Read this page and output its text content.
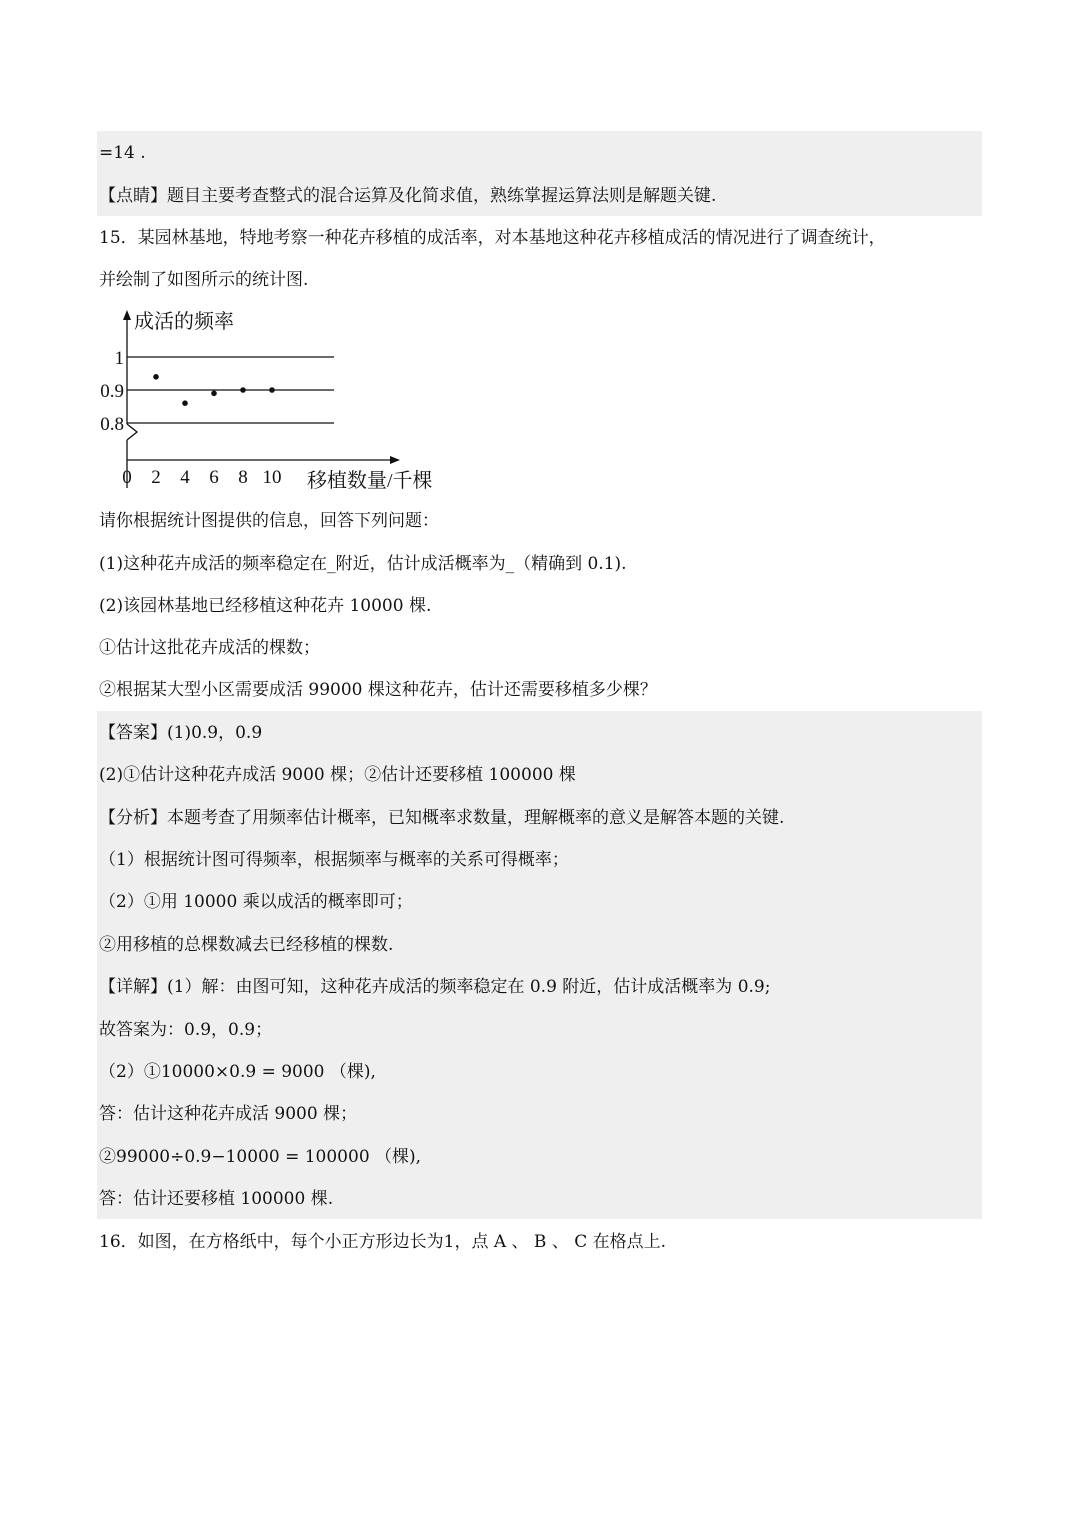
=14 .
【点睛】题目主要考查整式的混合运算及化简求值，熟练掌握运算法则是解题关键.
15．某园林基地，特地考察一种花卉移植的成活率，对本基地这种花卉移植成活的情况进行了调查统计，
并绘制了如图所示的统计图.
成活的频率
移植数量/千棵
0.8
0.9
1
0 2 4 6 8 10
请你根据统计图提供的信息，回答下列问题：
(1)这种花卉成活的频率稳定在_附近，估计成活概率为_（精确到 0.1).
(2)该园林基地已经移植这种花卉 10000 棵.
①估计这批花卉成活的棵数；
②根据某大型小区需要成活 99000 棵这种花卉，估计还需要移植多少棵？
【答案】(1)0.9，0.9
(2)①估计这种花卉成活 9000 棵；②估计还要移植 100000 棵
【分析】本题考查了用频率估计概率，已知概率求数量，理解概率的意义是解答本题的关键.
（1）根据统计图可得频率，根据频率与概率的关系可得概率；
（2）①用 10000 乘以成活的概率即可；
②用移植的总棵数减去已经移植的棵数.
【详解】(1）解：由图可知，这种花卉成活的频率稳定在 0.9 附近，估计成活概率为 0.9;
故答案为：0.9，0.9；
（2）①10000×0.9 = 9000 （棵),
答：估计这种花卉成活 9000 棵；
②99000÷0.9−10000 = 100000 （棵),
答：估计还要移植 100000 棵.
16．如图，在方格纸中，每个小正方形边长为1，点 A 、 B 、 C 在格点上.
